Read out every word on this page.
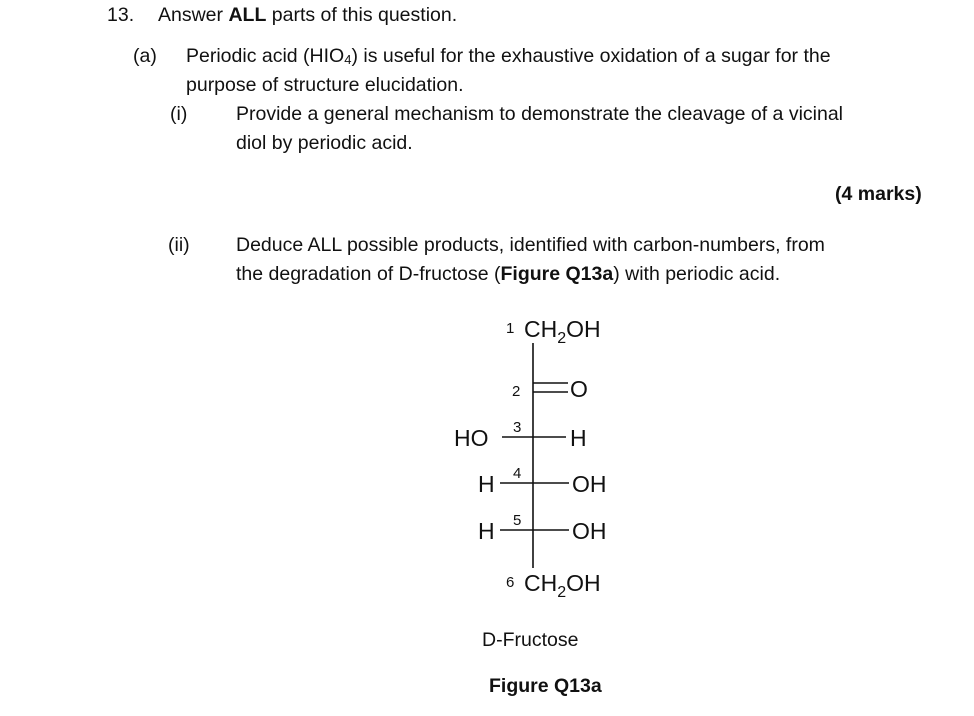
13. Answer ALL parts of this question.
(a) Periodic acid (HIO4) is useful for the exhaustive oxidation of a sugar for the
purpose of structure elucidation.
(i) Provide a general mechanism to demonstrate the cleavage of a vicinal
diol by periodic acid.
(4 marks)
(ii) Deduce ALL possible products, identified with carbon-numbers, from
the degradation of D-fructose (Figure Q13a) with periodic acid.
1 $CH_2OH$
2 O
HO 3 H
H 4 OH
H 5 OH
6 $CH_2OH$
D-Fructose
Figure Q13a
